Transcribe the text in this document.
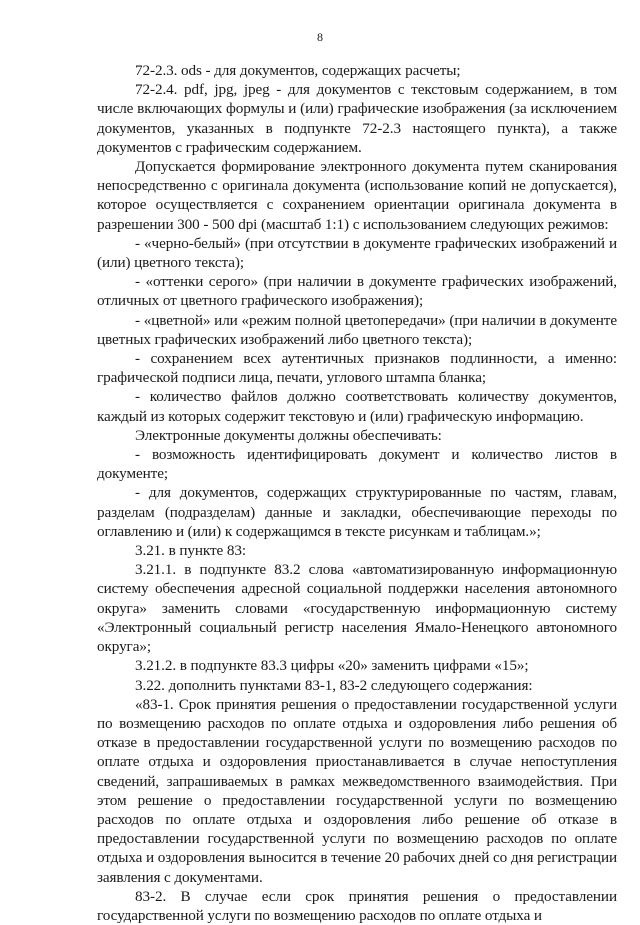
8

72-2.3. ods - для документов, содержащих расчеты;

72-2.4. pdf, jpg, jpeg - для документов с текстовым содержанием, в том числе включающих формулы и (или) графические изображения (за исключением документов, указанных в подпункте 72-2.3 настоящего пункта), а также документов с графическим содержанием.

Допускается формирование электронного документа путем сканирования непосредственно с оригинала документа (использование копий не допускается), которое осуществляется с сохранением ориентации оригинала документа в разрешении 300 - 500 dpi (масштаб 1:1) с использованием следующих режимов:

- «черно-белый» (при отсутствии в документе графических изображений и (или) цветного текста);

- «оттенки серого» (при наличии в документе графических изображений, отличных от цветного графического изображения);

- «цветной» или «режим полной цветопередачи» (при наличии в документе цветных графических изображений либо цветного текста);

- сохранением всех аутентичных признаков подлинности, а именно: графической подписи лица, печати, углового штампа бланка;

- количество файлов должно соответствовать количеству документов, каждый из которых содержит текстовую и (или) графическую информацию.

Электронные документы должны обеспечивать:

- возможность идентифицировать документ и количество листов в документе;

- для документов, содержащих структурированные по частям, главам, разделам (подразделам) данные и закладки, обеспечивающие переходы по оглавлению и (или) к содержащимся в тексте рисункам и таблицам.»;

3.21. в пункте 83:

3.21.1. в подпункте 83.2 слова «автоматизированную информационную систему обеспечения адресной социальной поддержки населения автономного округа» заменить словами «государственную информационную систему «Электронный социальный регистр населения Ямало-Ненецкого автономного округа»;

3.21.2. в подпункте 83.3 цифры «20» заменить цифрами «15»;

3.22. дополнить пунктами 83-1, 83-2 следующего содержания:

«83-1. Срок принятия решения о предоставлении государственной услуги по возмещению расходов по оплате отдыха и оздоровления либо решения об отказе в предоставлении государственной услуги по возмещению расходов по оплате отдыха и оздоровления приостанавливается в случае непоступления сведений, запрашиваемых в рамках межведомственного взаимодействия. При этом решение о предоставлении государственной услуги по возмещению расходов по оплате отдыха и оздоровления либо решение об отказе в предоставлении государственной услуги по возмещению расходов по оплате отдыха и оздоровления выносится в течение 20 рабочих дней со дня регистрации заявления с документами.

83-2. В случае если срок принятия решения о предоставлении государственной услуги по возмещению расходов по оплате отдыха и
